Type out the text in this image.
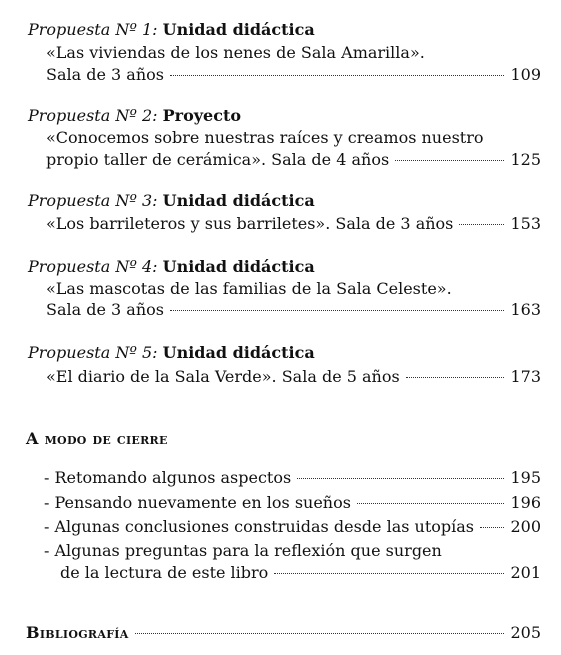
Propuesta Nº 1: Unidad didáctica
«Las viviendas de los nenes de Sala Amarilla».
Sala de 3 años	109
Propuesta Nº 2: Proyecto
«Conocemos sobre nuestras raíces y creamos nuestro
propio taller de cerámica». Sala de 4 años	125
Propuesta Nº 3: Unidad didáctica
«Los barrileteros y sus barriletes». Sala de 3 años	153
Propuesta Nº 4: Unidad didáctica
«Las mascotas de las familias de la Sala Celeste».
Sala de 3 años	163
Propuesta Nº 5: Unidad didáctica
«El diario de la Sala Verde». Sala de 5 años	173
A modo de cierre
- Retomando algunos aspectos	195
- Pensando nuevamente en los sueños	196
- Algunas conclusiones construidas desde las utopías 200
- Algunas preguntas para la reflexión que surgen
de la lectura de este libro	201
Bibliografía	205
